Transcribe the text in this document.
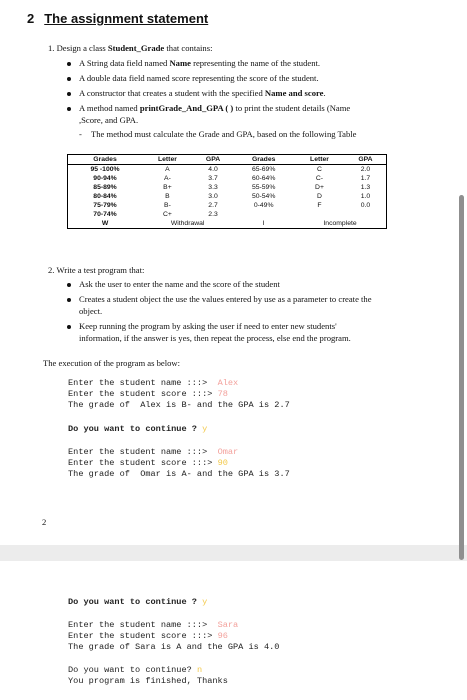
2 The assignment statement
1. Design a class Student_Grade that contains:
A String data field named Name representing the name of the student.
A double data field named score representing the score of the student.
A constructor that creates a student with the specified Name and score.
A method named printGrade_And_GPA ( ) to print the student details (Name
,Score, and GPA.
- The method must calculate the Grade and GPA, based on the following Table
Grades	Letter	GPA	Grades	Letter	GPA
95 -100%	A	4.0	65-69%	C	2.0
90-94%	A-	3.7	60-64%	C-	1.7
85-89%	B+	3.3	55-59%	D+	1.3
80-84%	B	3.0	50-54%	D	1.0
75-79%	B-	2.7	0-49%	F	0.0
70-74%	C+	2.3			
W	Withdrawal		I	Incomplete	
2. Write a test program that:
Ask the user to enter the name and the score of the student
Creates a student object the use the values entered by use as a parameter to create the
object.
Keep running the program by asking the user if need to enter new students'
information, if the answer is yes, then repeat the process, else end the program.
The execution of the program as below:
Enter the student name :::>  Alex
Enter the student score :::> 78
The grade of  Alex is B- and the GPA is 2.7
Do you want to continue ? y
Enter the student name :::>  Omar
Enter the student score :::> 90
The grade of  Omar is A- and the GPA is 3.7
2
Do you want to continue ? y
Enter the student name :::>  Sara
Enter the student score :::> 96
The grade of Sara is A and the GPA is 4.0
Do you want to continue? n
You program is finished, Thanks
